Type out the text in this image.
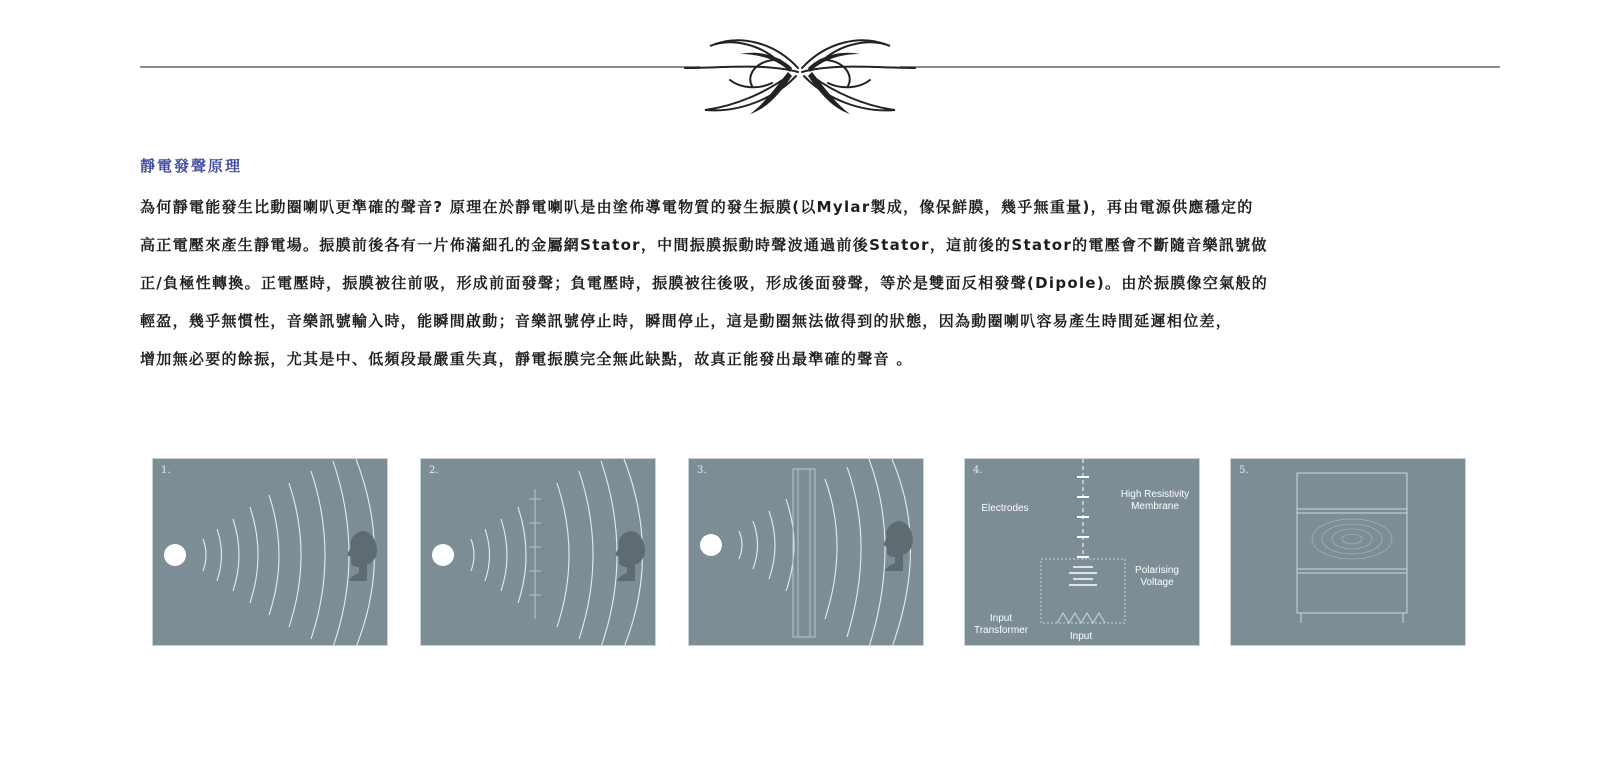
靜電發聲原理
為何靜電能發生比動圈喇叭更準確的聲音? 原理在於靜電喇叭是由塗佈導電物質的發生振膜(以Mylar製成，像保鮮膜，幾乎無重量)，再由電源供應穩定的
高正電壓來產生靜電場。振膜前後各有一片佈滿細孔的金屬網Stator，中間振膜振動時聲波通過前後Stator，這前後的Stator的電壓會不斷隨音樂訊號做
正/負極性轉換。正電壓時，振膜被往前吸，形成前面發聲；負電壓時，振膜被往後吸，形成後面發聲，等於是雙面反相發聲(Dipole)。由於振膜像空氣般的
輕盈，幾乎無慣性，音樂訊號輸入時，能瞬間啟動；音樂訊號停止時，瞬間停止，這是動圈無法做得到的狀態，因為動圈喇叭容易產生時間延遲相位差，
增加無必要的餘振，尤其是中、低頻段最嚴重失真，靜電振膜完全無此缺點，故真正能發出最準確的聲音 。
1.	2.	3.	4.
Electrodes
High Resistivity Membrane
Polarising Voltage
Input Transformer
Input
5.
